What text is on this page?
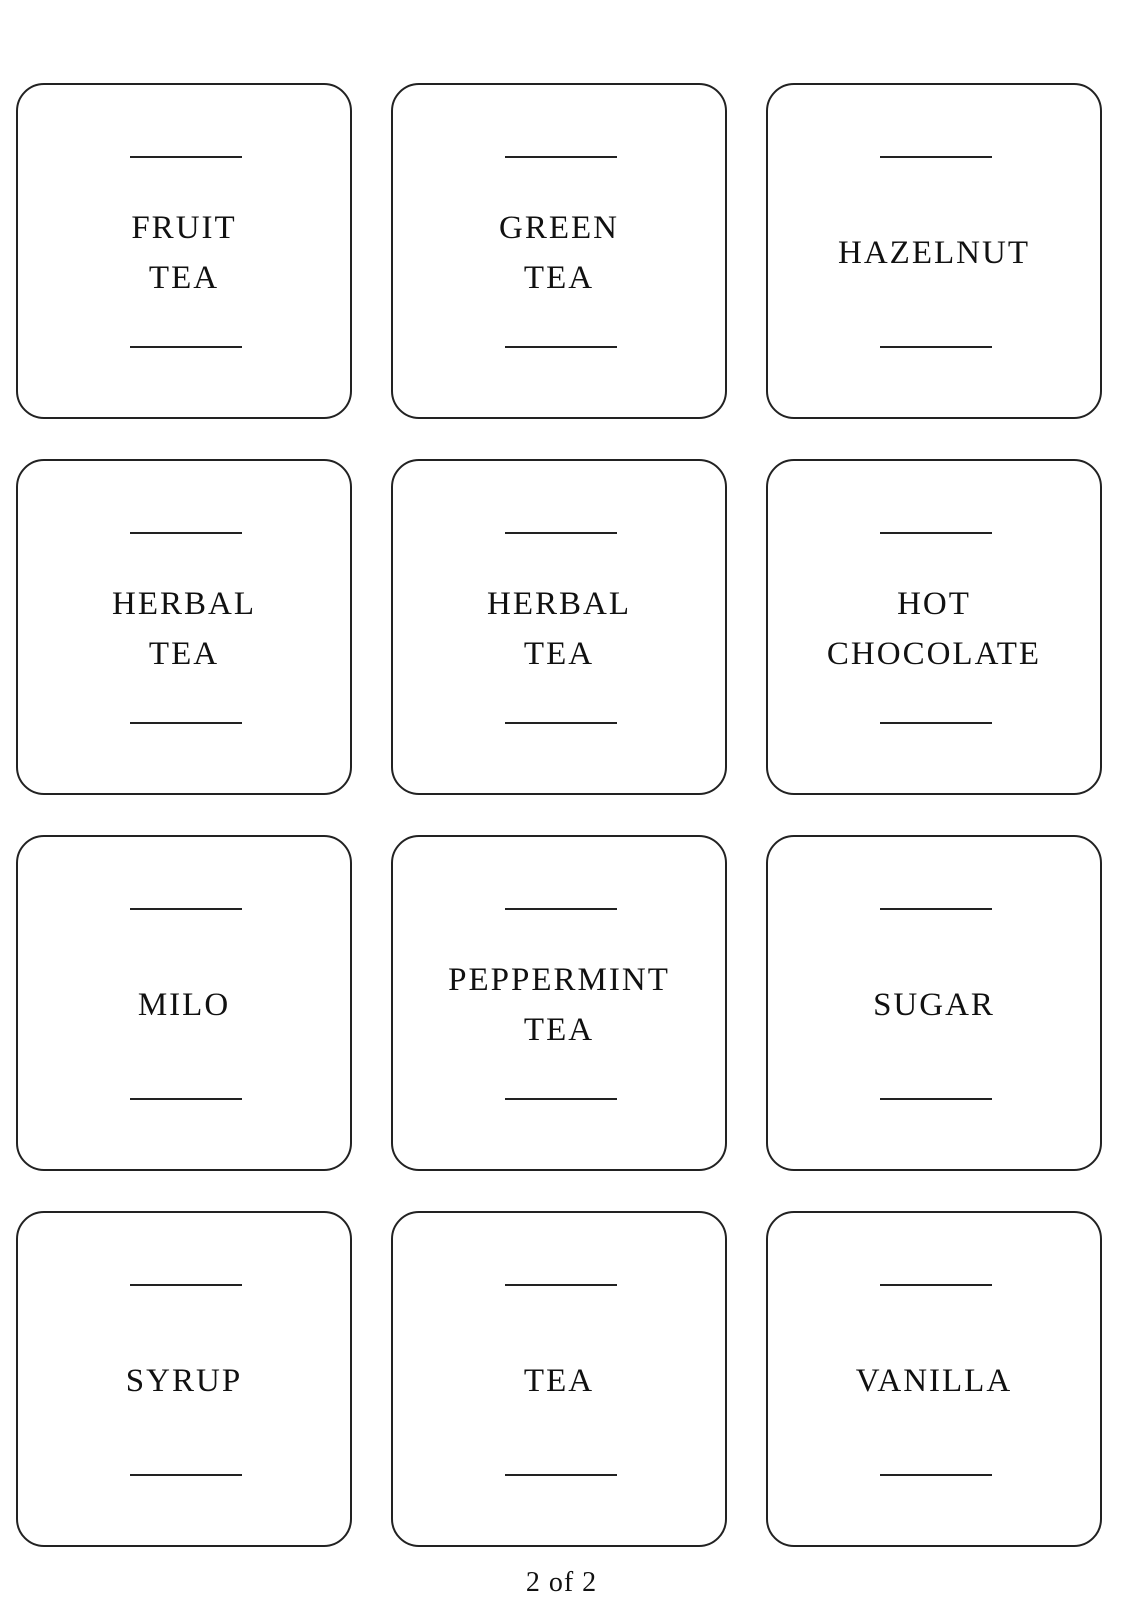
FRUIT
TEA
GREEN
TEA
HAZELNUT
HERBAL
TEA
HERBAL
TEA
HOT
CHOCOLATE
MILO
PEPPERMINT
TEA
SUGAR
SYRUP	TEA	VANILLA
2 of 2
